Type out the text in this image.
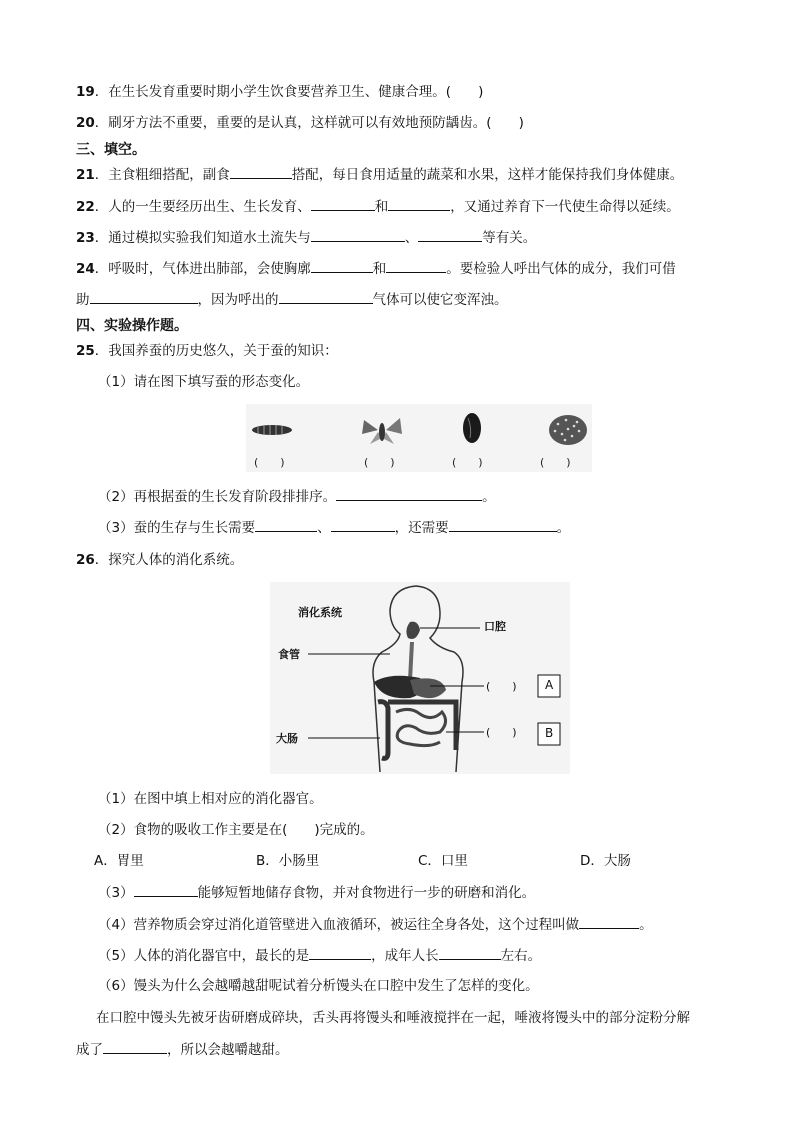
19．在生长发育重要时期小学生饮食要营养卫生、健康合理。(　　)
20．刷牙方法不重要，重要的是认真，这样就可以有效地预防龋齿。(　　)
三、填空。
21．主食粗细搭配，副食	搭配，每日食用适量的蔬菜和水果，这样才能保持我们身体健康。
22．人的一生要经历出生、生长发育、	和	，又通过养育下一代使生命得以延续。
23．通过模拟实验我们知道水土流失与	、	等有关。
24．呼吸时，气体进出肺部，会使胸廓	和	。要检验人呼出气体的成分，我们可借
助	，因为呼出的	气体可以使它变浑浊。
四、实验操作题。
25．我国养蚕的历史悠久，关于蚕的知识：
（1）请在图下填写蚕的形态变化。
(　　)	(　　)	(　　)	(　　)
（2）再根据蚕的生长发育阶段排排序。	。
（3）蚕的生存与生长需要	、	，还需要	。
26．探究人体的消化系统。
消化系统
口腔
食管
大肠
(　　)
(　　)
A
B
（1）在图中填上相对应的消化器官。
（2）食物的吸收工作主要是在(　　)完成的。
A．胃里	B．小肠里	C．口里	D．大肠
（3）	能够短暂地储存食物，并对食物进行一步的研磨和消化。
（4）营养物质会穿过消化道管壁进入血液循环，被运往全身各处，这个过程叫做	。
（5）人体的消化器官中，最长的是	，成年人长	左右。
（6）馒头为什么会越嚼越甜呢试着分析馒头在口腔中发生了怎样的变化。
在口腔中馒头先被牙齿研磨成碎块，舌头再将馒头和唾液搅拌在一起，唾液将馒头中的部分淀粉分解
成了	，所以会越嚼越甜。
